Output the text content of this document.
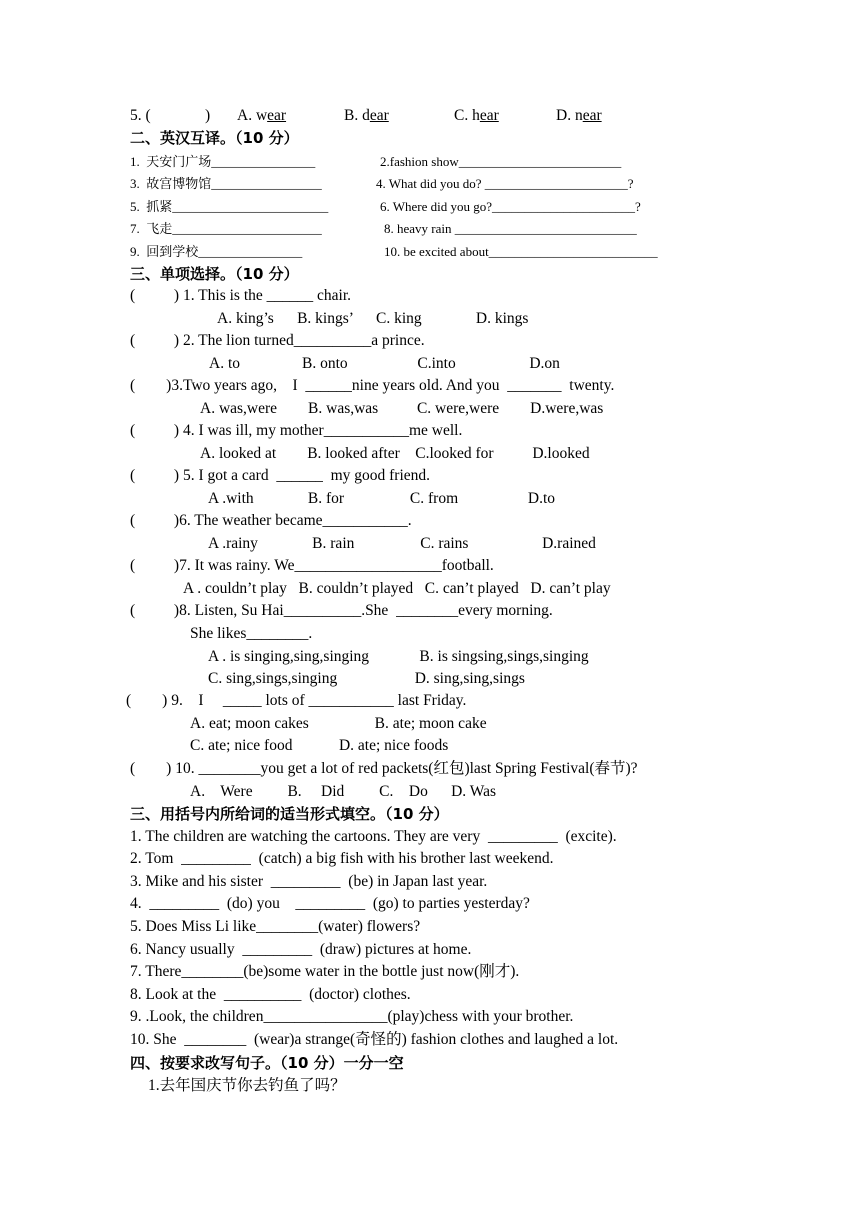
5. (	) A. wear	B. dear	C. hear	D. near
二、英汉互译。（10 分）
1.  天安门广场________________	2.fashion show_________________________
3.  故宫博物馆_________________	4. What did you do? ______________________?
5.  抓紧________________________	6. Where did you go?______________________?
7.  飞走_______________________	8. heavy rain ____________________________
9.  回到学校________________	10. be excited about__________________________
三、单项选择。（10 分）
(          ) 1. This is the ______ chair.
A. king’s      B. kings’      C. king              D. kings
(          ) 2. The lion turned__________a prince.
A. to                B. onto                  C.into                   D.on
(        )3.Two years ago,    I  ______nine years old. And you  _______  twenty.
A. was,were        B. was,was          C. were,were        D.were,was
(          ) 4. I was ill, my mother___________me well.
A. looked at        B. looked after    C.looked for          D.looked
(          ) 5. I got a card  ______  my good friend.
A .with              B. for                 C. from                  D.to
(          )6. The weather became___________.
A .rainy              B. rain                 C. rains                   D.rained
(          )7. It was rainy. We___________________football.
A . couldn’t play   B. couldn’t played   C. can’t played   D. can’t play
(          )8. Listen, Su Hai__________.She  ________every morning.
She likes________.
A . is singing,sing,singing             B. is singsing,sings,singing
C. sing,sings,singing                    D. sing,sing,sings
(        ) 9.    I     _____ lots of ___________ last Friday.
A. eat; moon cakes                 B. ate; moon cake
C. ate; nice food            D. ate; nice foods
(        ) 10. ________you get a lot of red packets(红包)last Spring Festival(春节)?
A.    Were         B.     Did         C.    Do      D. Was
三、用括号内所给词的适当形式填空。（10 分）
1. The children are watching the cartoons. They are very  _________  (excite).
2. Tom  _________  (catch) a big fish with his brother last weekend.
3. Mike and his sister  _________  (be) in Japan last year.
4.  _________  (do) you    _________  (go) to parties yesterday?
5. Does Miss Li like________(water) flowers?
6. Nancy usually  _________  (draw) pictures at home.
7. There________(be)some water in the bottle just now(刚才).
8. Look at the  __________  (doctor) clothes.
9. .Look, the children________________(play)chess with your brother.
10. She  ________  (wear)a strange(奇怪的) fashion clothes and laughed a lot.
四、按要求改写句子。（10 分）一分一空
1.去年国庆节你去钓鱼了吗？
